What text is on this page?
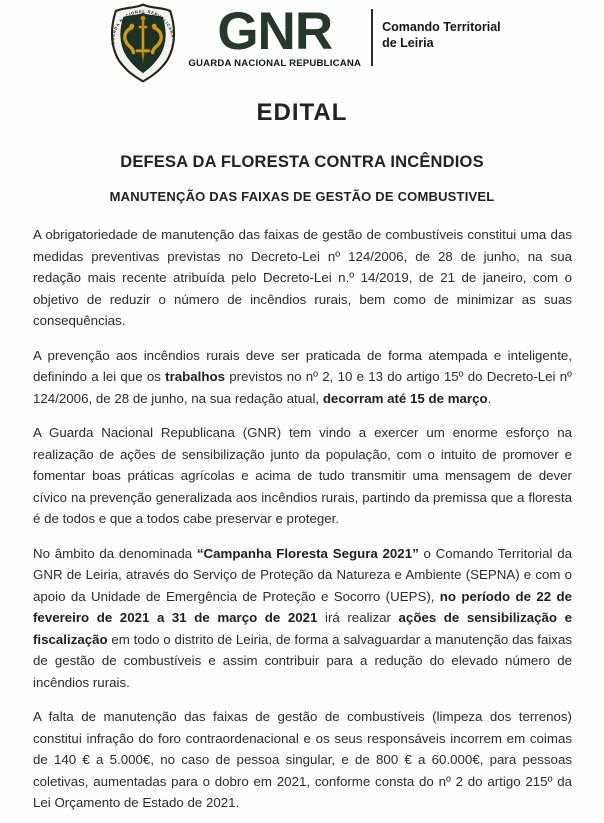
GUARDA NACIONAL REPUBLICANA GNR
GUARDA NACIONAL REPUBLICANA
Comando Territorial
de Leiria
EDITAL
DEFESA DA FLORESTA CONTRA INCÊNDIOS
MANUTENÇÃO DAS FAIXAS DE GESTÃO DE COMBUSTIVEL

A obrigatoriedade de manutenção das faixas de gestão de combustíveis constitui uma das medidas preventivas previstas no Decreto-Lei nº 124/2006, de 28 de junho, na sua redação mais recente atribuída pelo Decreto-Lei n.º 14/2019, de 21 de janeiro, com o objetivo de reduzir o número de incêndios rurais, bem como de minimizar as suas consequências.

A prevenção aos incêndios rurais deve ser praticada de forma atempada e inteligente, definindo a lei que os trabalhos previstos no nº 2, 10 e 13 do artigo 15º do Decreto-Lei nº 124/2006, de 28 de junho, na sua redação atual, decorram até 15 de março.

A Guarda Nacional Republicana (GNR) tem vindo a exercer um enorme esforço na realização de ações de sensibilização junto da população, com o intuito de promover e fomentar boas práticas agrícolas e acima de tudo transmitir uma mensagem de dever cívico na prevenção generalizada aos incêndios rurais, partindo da premissa que a floresta é de todos e que a todos cabe preservar e proteger.

No âmbito da denominada “Campanha Floresta Segura 2021” o Comando Territorial da GNR de Leiria, através do Serviço de Proteção da Natureza e Ambiente (SEPNA) e com o apoio da Unidade de Emergência de Proteção e Socorro (UEPS), no período de 22 de fevereiro de 2021 a 31 de março de 2021 irá realizar ações de sensibilização e fiscalização em todo o distrito de Leiria, de forma a salvaguardar a manutenção das faixas de gestão de combustíveis e assim contribuir para a redução do elevado número de incêndios rurais.

A falta de manutenção das faixas de gestão de combustíveis (limpeza dos terrenos) constitui infração do foro contraordenacional e os seus responsáveis incorrem em coimas de 140 € a 5.000€, no caso de pessoa singular, e de 800 € a 60.000€, para pessoas coletivas, aumentadas para o dobro em 2021, conforme consta do nº 2 do artigo 215º da Lei Orçamento de Estado de 2021.
